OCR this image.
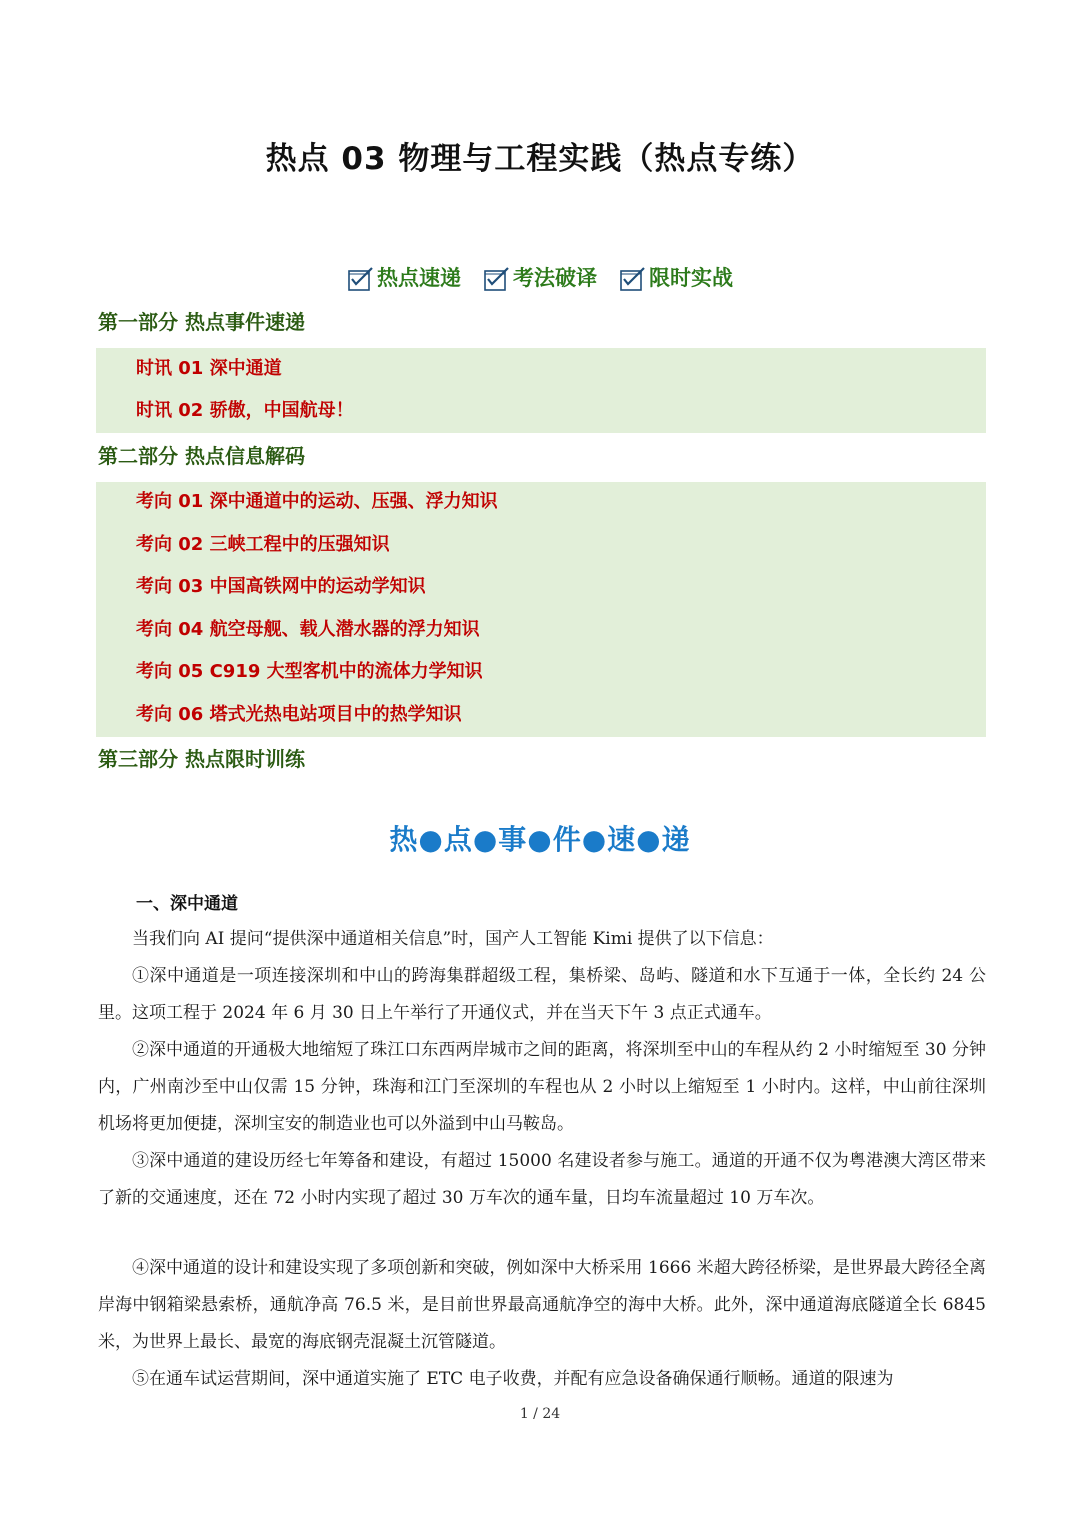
热点 03 物理与工程实践（热点专练）
热点速递 考法破译 限时实战
第一部分 热点事件速递
时讯 01 深中通道
时讯 02 骄傲，中国航母！
第二部分 热点信息解码
考向 01 深中通道中的运动、压强、浮力知识
考向 02 三峡工程中的压强知识
考向 03 中国高铁网中的运动学知识
考向 04 航空母舰、载人潜水器的浮力知识
考向 05 C919 大型客机中的流体力学知识
考向 06 塔式光热电站项目中的热学知识
第三部分 热点限时训练
热●点●事●件●速●递
一、深中通道

当我们向 AI 提问“提供深中通道相关信息”时，国产人工智能 Kimi 提供了以下信息：

①深中通道是一项连接深圳和中山的跨海集群超级工程，集桥梁、岛屿、隧道和水下互通于一体，全长约 24 公里。这项工程于 2024 年 6 月 30 日上午举行了开通仪式，并在当天下午 3 点正式通车。

②深中通道的开通极大地缩短了珠江口东西两岸城市之间的距离，将深圳至中山的车程从约 2 小时缩短至 30 分钟内，广州南沙至中山仅需 15 分钟，珠海和江门至深圳的车程也从 2 小时以上缩短至 1 小时内。这样，中山前往深圳机场将更加便捷，深圳宝安的制造业也可以外溢到中山马鞍岛。

③深中通道的建设历经七年筹备和建设，有超过 15000 名建设者参与施工。通道的开通不仅为粤港澳大湾区带来了新的交通速度，还在 72 小时内实现了超过 30 万车次的通车量，日均车流量超过 10 万车次。

④深中通道的设计和建设实现了多项创新和突破，例如深中大桥采用 1666 米超大跨径桥梁，是世界最大跨径全离岸海中钢箱梁悬索桥，通航净高 76.5 米，是目前世界最高通航净空的海中大桥。此外，深中通道海底隧道全长 6845 米，为世界上最长、最宽的海底钢壳混凝土沉管隧道。

⑤在通车试运营期间，深中通道实施了 ETC 电子收费，并配有应急设备确保通行顺畅。通道的限速为

1 / 24
